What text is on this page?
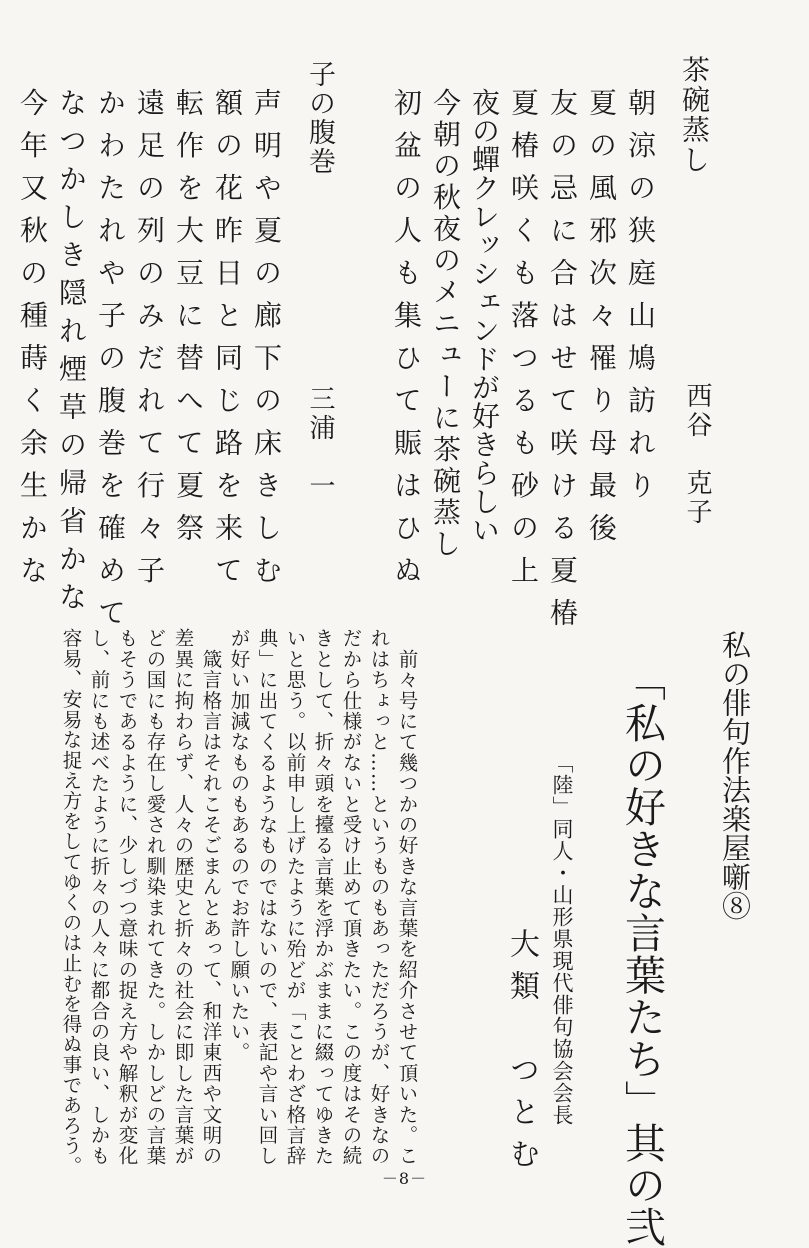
茶碗蒸し
西谷　克子
朝涼の狭庭山鳩訪れり
夏の風邪次々罹り母最後
友の忌に合はせて咲ける夏椿
夏椿咲くも落つるも砂の上
夜の蟬クレッシェンドが好きらしい
今朝の秋夜のメニューに茶碗蒸し
初盆の人も集ひて賑はひぬ
子の腹巻
三浦　一
声明や夏の廊下の床きしむ
額の花昨日と同じ路を来て
転作を大豆に替へて夏祭
遠足の列のみだれて行々子
かわたれや子の腹巻を確めて
なつかしき隠れ煙草の帰省かな
今年又秋の種蒔く余生かな
私の俳句作法楽屋噺⑧
「私の好きな言葉たち」其の弐
「陸」同人・山形県現代俳句協会会長
大類　つとむ
　前々号にて幾つかの好きな言葉を紹介させて頂いた。こ
れはちょっと……というものもあっただろうが、好きなの
だから仕様がないと受け止めて頂きたい。この度はその続
きとして、折々頭を擡る言葉を浮かぶままに綴ってゆきた
いと思う。以前申し上げたように殆どが「ことわざ格言辞
典」に出てくるようなものではないので、表記や言い回し
が好い加減なものもあるのでお許し願いたい。
　箴言格言はそれこそごまんとあって、和洋東西や文明の
差異に拘わらず、人々の歴史と折々の社会に即した言葉が
どの国にも存在し愛され馴染まれてきた。しかしどの言葉
もそうであるように、少しづつ意味の捉え方や解釈が変化
し、前にも述べたように折々の人々に都合の良い、しかも
容易、安易な捉え方をしてゆくのは止むを得ぬ事であろう。
－8－
